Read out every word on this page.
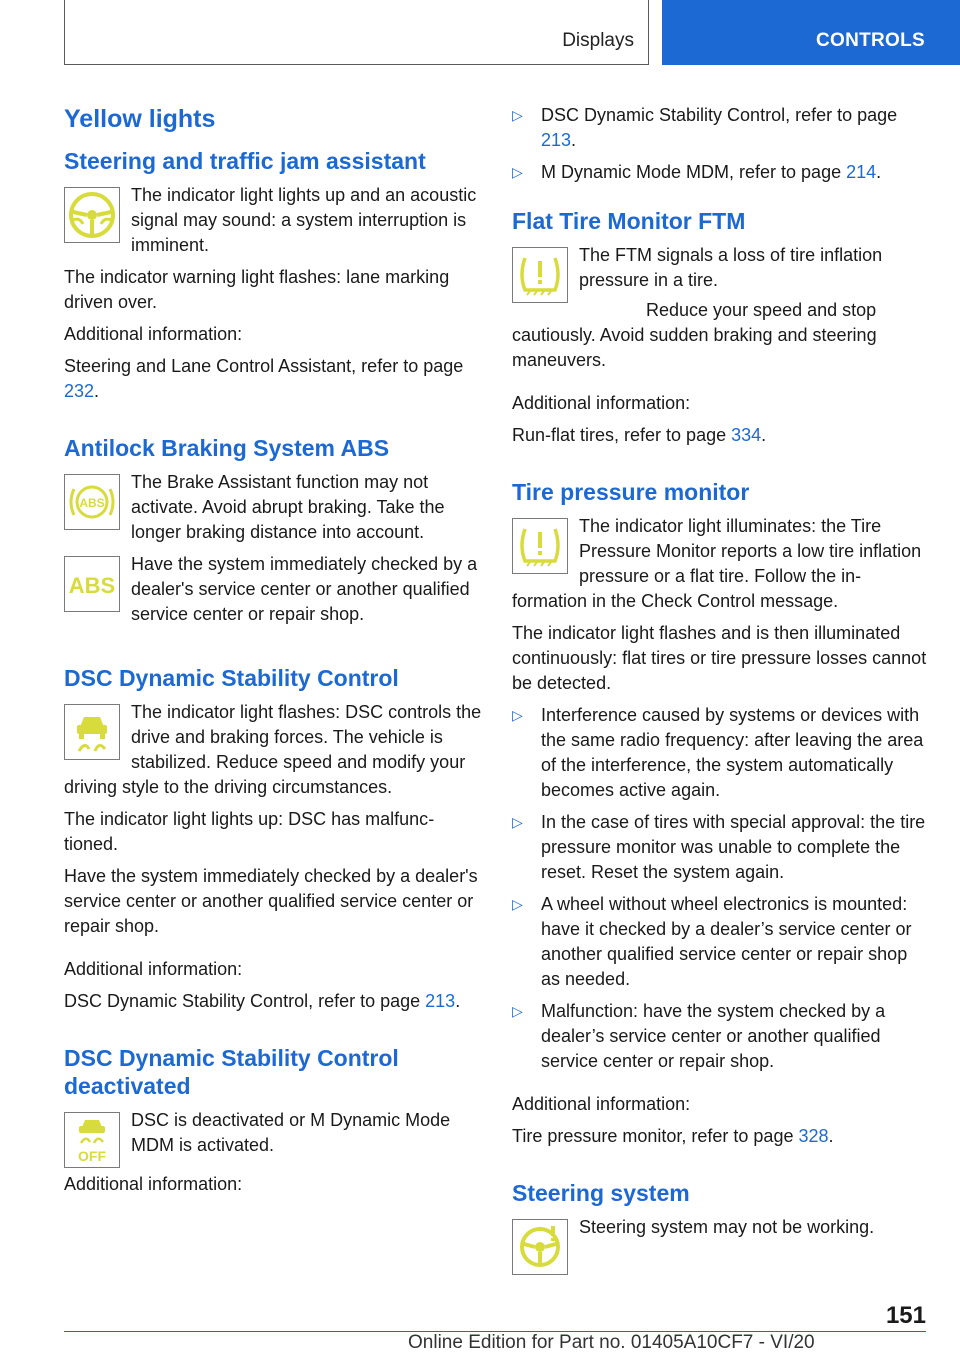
Displays	CONTROLS
Yellow lights
Steering and traffic jam assistant

The indicator light lights up and an acoustic signal may sound: a system interruption is imminent.

The indicator warning light flashes: lane marking driven over.

Additional information:

Steering and Lane Control Assistant, refer to page 232.

Antilock Braking System ABS
ABS

The Brake Assistant function may not activate. Avoid abrupt braking. Take the longer braking distance into account.

ABS

Have the system immediately checked by a dealer's service center or another qualified service center or repair shop.

DSC Dynamic Stability Control

The indicator light flashes: DSC controls the drive and braking forces. The vehicle is stabilized. Reduce speed and modify your driving style to the driving circumstances.

The indicator light lights up: DSC has malfunctioned.

Have the system immediately checked by a dealer's service center or another qualified service center or repair shop.

Additional information:

DSC Dynamic Stability Control, refer to page 213.

DSC Dynamic Stability Control deactivated
OFF

DSC is deactivated or M Dynamic Mode MDM is activated.

Additional information:

▷ DSC Dynamic Stability Control, refer to page 213.
▷ M Dynamic Mode MDM, refer to page 214.
Flat Tire Monitor FTM

The FTM signals a loss of tire inflation pressure in a tire.

Reduce your speed and stop cautiously. Avoid sudden braking and steering maneuvers.

Additional information:

Run-flat tires, refer to page 334.

Tire pressure monitor

The indicator light illuminates: the Tire Pressure Monitor reports a low tire inflation pressure or a flat tire. Follow the information in the Check Control message.

The indicator light flashes and is then illuminated continuously: flat tires or tire pressure losses cannot be detected.

▷ Interference caused by systems or devices with the same radio frequency: after leaving the area of the interference, the system automatically becomes active again.
▷ In the case of tires with special approval: the tire pressure monitor was unable to complete the reset. Reset the system again.
▷ A wheel without wheel electronics is mounted: have it checked by a dealer’s service center or another qualified service center or repair shop as needed.
▷ Malfunction: have the system checked by a dealer’s service center or another qualified service center or repair shop.

Additional information:

Tire pressure monitor, refer to page 328.

Steering system

Steering system may not be working.

151
Online Edition for Part no. 01405A10CF7 - VI/20
